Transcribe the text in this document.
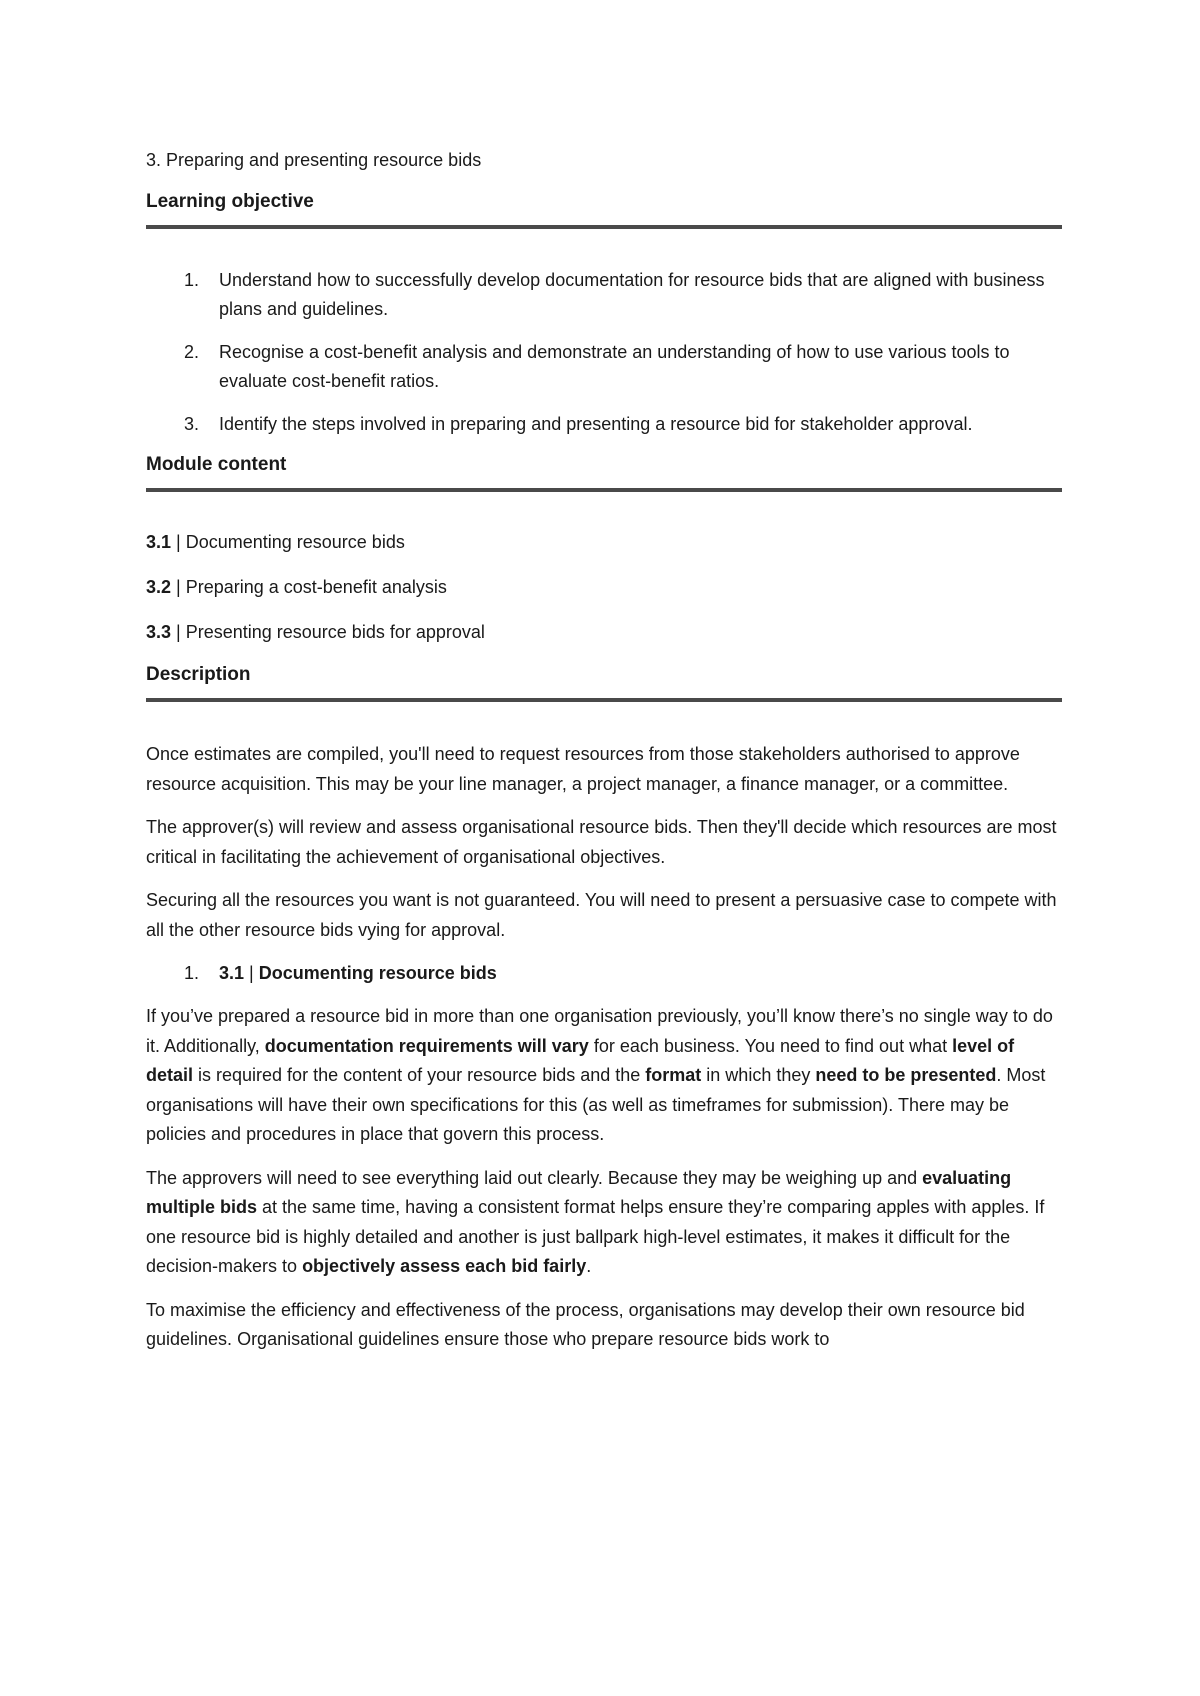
3. Preparing and presenting resource bids
Learning objective
1. Understand how to successfully develop documentation for resource bids that are aligned with business plans and guidelines.
2. Recognise a cost-benefit analysis and demonstrate an understanding of how to use various tools to evaluate cost-benefit ratios.
3. Identify the steps involved in preparing and presenting a resource bid for stakeholder approval.
Module content
3.1 | Documenting resource bids
3.2 | Preparing a cost-benefit analysis
3.3 | Presenting resource bids for approval
Description

Once estimates are compiled, you'll need to request resources from those stakeholders authorised to approve resource acquisition. This may be your line manager, a project manager, a finance manager, or a committee.

The approver(s) will review and assess organisational resource bids. Then they'll decide which resources are most critical in facilitating the achievement of organisational objectives.

Securing all the resources you want is not guaranteed. You will need to present a persuasive case to compete with all the other resource bids vying for approval.

1. 3.1 | Documenting resource bids

If you’ve prepared a resource bid in more than one organisation previously, you’ll know there’s no single way to do it. Additionally, documentation requirements will vary for each business. You need to find out what level of detail is required for the content of your resource bids and the format in which they need to be presented. Most organisations will have their own specifications for this (as well as timeframes for submission). There may be policies and procedures in place that govern this process.

The approvers will need to see everything laid out clearly. Because they may be weighing up and evaluating multiple bids at the same time, having a consistent format helps ensure they’re comparing apples with apples. If one resource bid is highly detailed and another is just ballpark high-level estimates, it makes it difficult for the decision-makers to objectively assess each bid fairly.

To maximise the efficiency and effectiveness of the process, organisations may develop their own resource bid guidelines. Organisational guidelines ensure those who prepare resource bids work to
